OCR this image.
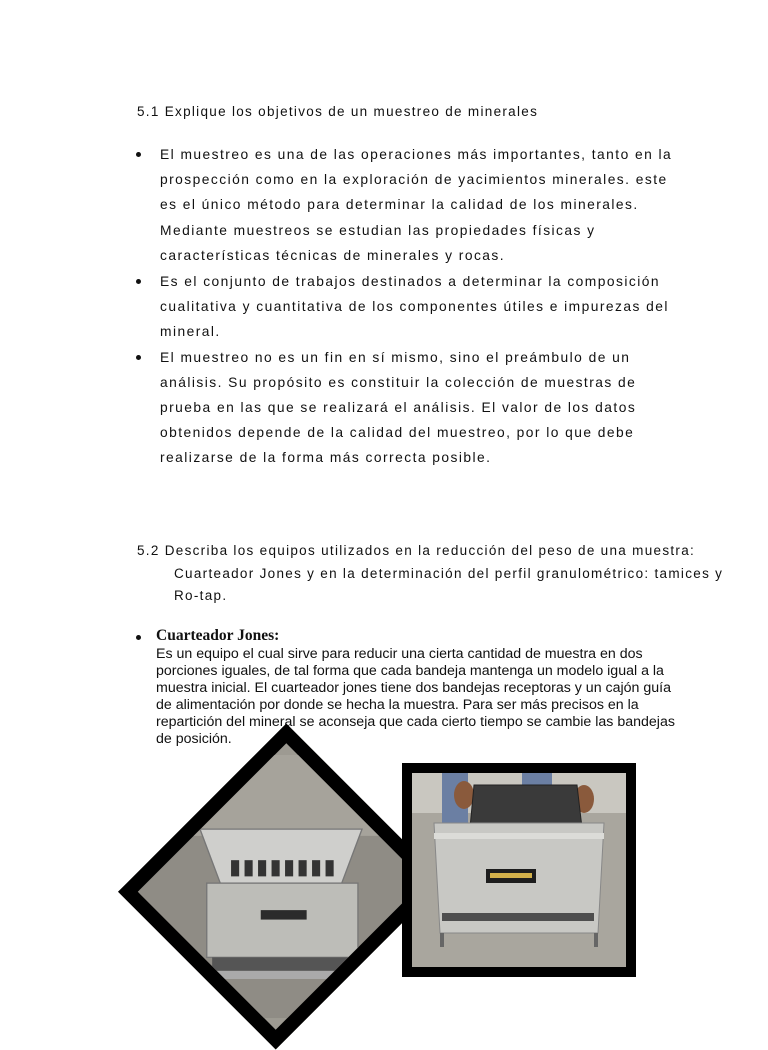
5.1 Explique los objetivos de un muestreo de minerales
El muestreo es una de las operaciones más importantes, tanto en la prospección como en la exploración de yacimientos minerales. este es el único método para determinar la calidad de los minerales. Mediante muestreos se estudian las propiedades físicas y características técnicas de minerales y rocas.
Es el conjunto de trabajos destinados a determinar la composición cualitativa y cuantitativa de los componentes útiles e impurezas del mineral.
El muestreo no es un fin en sí mismo, sino el preámbulo de un análisis. Su propósito es constituir la colección de muestras de prueba en las que se realizará el análisis. El valor de los datos obtenidos depende de la calidad del muestreo, por lo que debe realizarse de la forma más correcta posible.
5.2 Describa los equipos utilizados en la reducción del peso de una muestra: Cuarteador Jones y en la determinación del perfil granulométrico: tamices y Ro-tap.

Cuarteador Jones:

Es un equipo el cual sirve para reducir una cierta cantidad de muestra en dos porciones iguales, de tal forma que cada bandeja mantenga un modelo igual a la muestra inicial. El cuarteador jones tiene dos bandejas receptoras y un cajón guía de alimentación por donde se hecha la muestra. Para ser más precisos en la repartición del mineral se aconseja que cada cierto tiempo se cambie las bandejas de posición.
